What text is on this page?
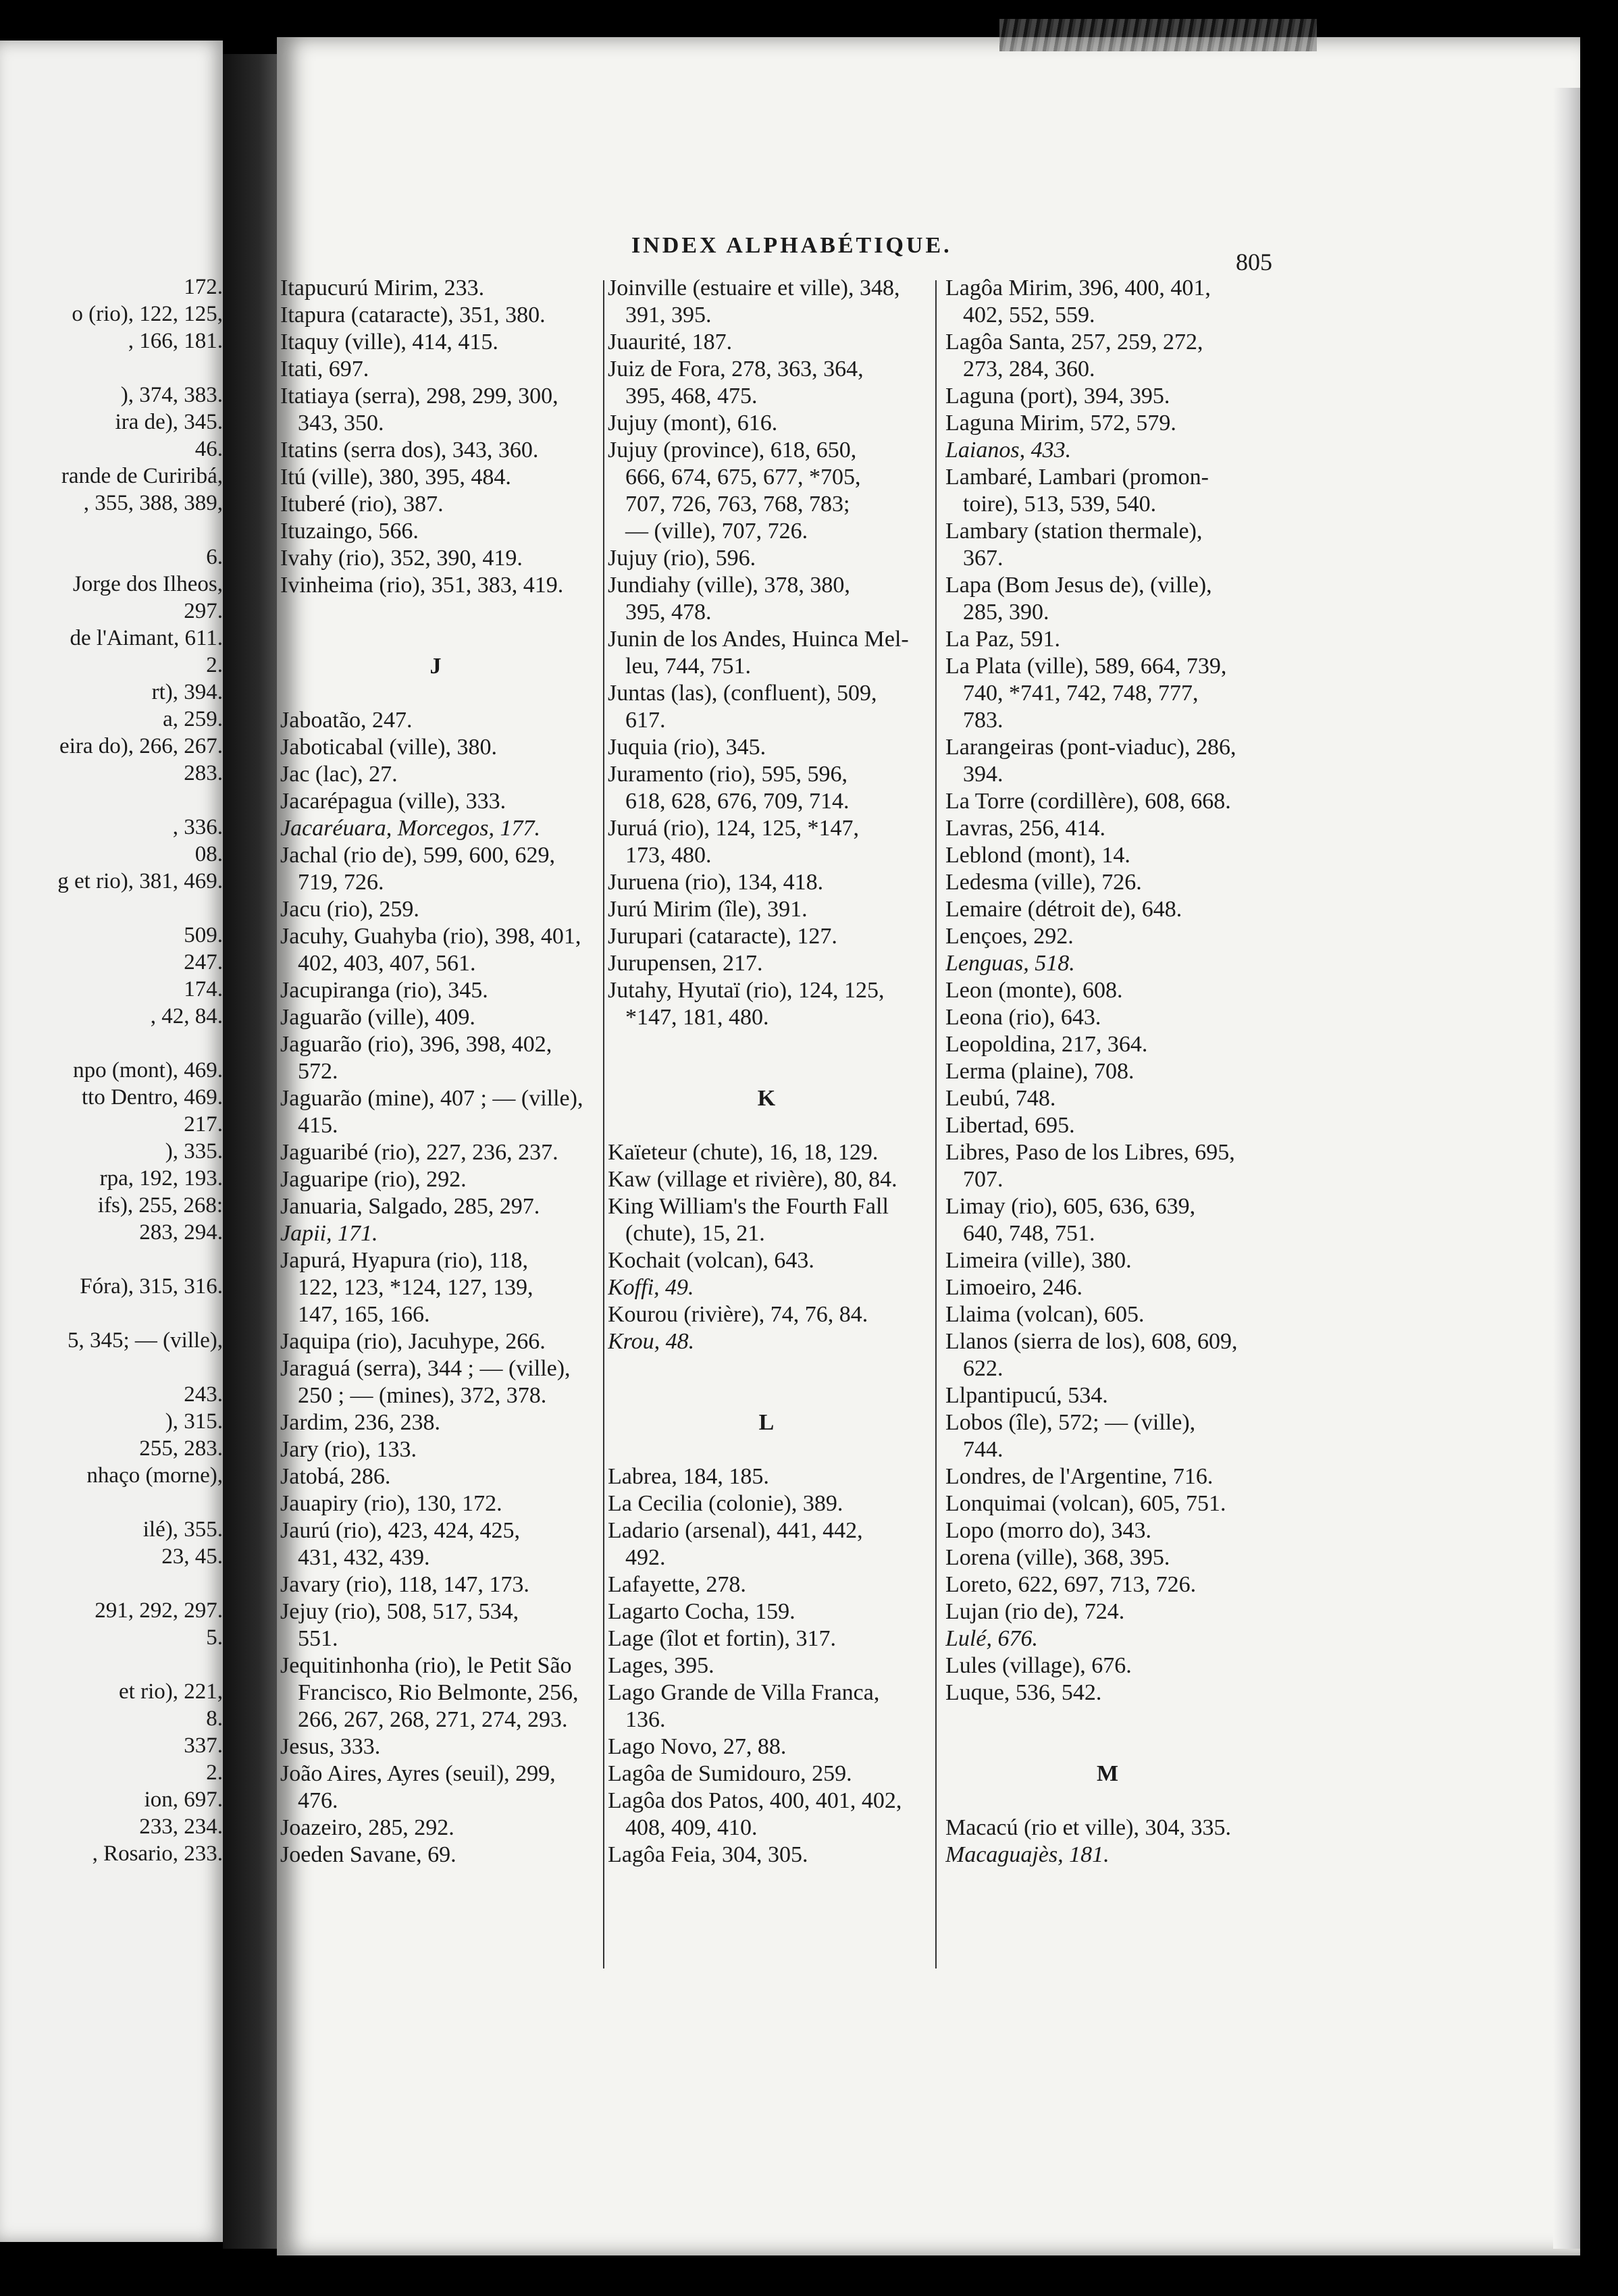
172.

o (rio), 122, 125,

, 166, 181.

), 374, 383.

ira de), 345.

46.

rande de Curiribá,

, 355, 388, 389,

6.

Jorge dos Ilheos,

297.

de l'Aimant, 611.

2.

rt), 394.

a, 259.

eira do), 266, 267.

283.

, 336.

08.

g et rio), 381, 469.

509.

247.

174.

, 42, 84.

npo (mont), 469.

tto Dentro, 469.

217.

), 335.

rpa, 192, 193.

ifs), 255, 268:

283, 294.

Fóra), 315, 316.

5, 345; — (ville),

243.

), 315.

255, 283.

nhaço (morne),

ilé), 355.

23, 45.

291, 292, 297.

5.

et rio), 221,

8.

337.

2.

ion, 697.

233, 234.

, Rosario, 233.

INDEX ALPHABÉTIQUE.
805

Itapucurú Mirim, 233.

Itapura (cataracte), 351, 380.

Itaquy (ville), 414, 415.

Itati, 697.

Itatiaya (serra), 298, 299, 300,

343, 350.

Itatins (serra dos), 343, 360.

Itú (ville), 380, 395, 484.

Ituberé (rio), 387.

Ituzaingo, 566.

Ivahy (rio), 352, 390, 419.

Ivinheima (rio), 351, 383, 419.

J

Jaboatão, 247.

Jaboticabal (ville), 380.

Jac (lac), 27.

Jacarépagua (ville), 333.

Jacaréuara, Morcegos, 177.

Jachal (rio de), 599, 600, 629,

719, 726.

Jacu (rio), 259.

Jacuhy, Guahyba (rio), 398, 401,

402, 403, 407, 561.

Jacupiranga (rio), 345.

Jaguarão (ville), 409.

Jaguarão (rio), 396, 398, 402,

572.

Jaguarão (mine), 407 ; — (ville),

415.

Jaguaribé (rio), 227, 236, 237.

Jaguaripe (rio), 292.

Januaria, Salgado, 285, 297.

Japii, 171.

Japurá, Hyapura (rio), 118,

122, 123, *124, 127, 139,

147, 165, 166.

Jaquipa (rio), Jacuhype, 266.

Jaraguá (serra), 344 ; — (ville),

250 ; — (mines), 372, 378.

Jardim, 236, 238.

Jary (rio), 133.

Jatobá, 286.

Jauapiry (rio), 130, 172.

Jaurú (rio), 423, 424, 425,

431, 432, 439.

Javary (rio), 118, 147, 173.

Jejuy (rio), 508, 517, 534,

551.

Jequitinhonha (rio), le Petit São

Francisco, Rio Belmonte, 256,

266, 267, 268, 271, 274, 293.

Jesus, 333.

João Aires, Ayres (seuil), 299,

476.

Joazeiro, 285, 292.

Joeden Savane, 69.

Joinville (estuaire et ville), 348,

391, 395.

Juaurité, 187.

Juiz de Fora, 278, 363, 364,

395, 468, 475.

Jujuy (mont), 616.

Jujuy (province), 618, 650,

666, 674, 675, 677, *705,

707, 726, 763, 768, 783;

— (ville), 707, 726.

Jujuy (rio), 596.

Jundiahy (ville), 378, 380,

395, 478.

Junin de los Andes, Huinca Mel-

leu, 744, 751.

Juntas (las), (confluent), 509,

617.

Juquia (rio), 345.

Juramento (rio), 595, 596,

618, 628, 676, 709, 714.

Juruá (rio), 124, 125, *147,

173, 480.

Juruena (rio), 134, 418.

Jurú Mirim (île), 391.

Jurupari (cataracte), 127.

Jurupensen, 217.

Jutahy, Hyutaï (rio), 124, 125,

*147, 181, 480.

K

Kaïeteur (chute), 16, 18, 129.

Kaw (village et rivière), 80, 84.

King William's the Fourth Fall

(chute), 15, 21.

Kochait (volcan), 643.

Koffi, 49.

Kourou (rivière), 74, 76, 84.

Krou, 48.

L

Labrea, 184, 185.

La Cecilia (colonie), 389.

Ladario (arsenal), 441, 442,

492.

Lafayette, 278.

Lagarto Cocha, 159.

Lage (îlot et fortin), 317.

Lages, 395.

Lago Grande de Villa Franca,

136.

Lago Novo, 27, 88.

Lagôa de Sumidouro, 259.

Lagôa dos Patos, 400, 401, 402,

408, 409, 410.

Lagôa Feia, 304, 305.

Lagôa Mirim, 396, 400, 401,

402, 552, 559.

Lagôa Santa, 257, 259, 272,

273, 284, 360.

Laguna (port), 394, 395.

Laguna Mirim, 572, 579.

Laianos, 433.

Lambaré, Lambari (promon-

toire), 513, 539, 540.

Lambary (station thermale),

367.

Lapa (Bom Jesus de), (ville),

285, 390.

La Paz, 591.

La Plata (ville), 589, 664, 739,

740, *741, 742, 748, 777,

783.

Larangeiras (pont-viaduc), 286,

394.

La Torre (cordillère), 608, 668.

Lavras, 256, 414.

Leblond (mont), 14.

Ledesma (ville), 726.

Lemaire (détroit de), 648.

Lençoes, 292.

Lenguas, 518.

Leon (monte), 608.

Leona (rio), 643.

Leopoldina, 217, 364.

Lerma (plaine), 708.

Leubú, 748.

Libertad, 695.

Libres, Paso de los Libres, 695,

707.

Limay (rio), 605, 636, 639,

640, 748, 751.

Limeira (ville), 380.

Limoeiro, 246.

Llaima (volcan), 605.

Llanos (sierra de los), 608, 609,

622.

Llpantipucú, 534.

Lobos (île), 572; — (ville),

744.

Londres, de l'Argentine, 716.

Lonquimai (volcan), 605, 751.

Lopo (morro do), 343.

Lorena (ville), 368, 395.

Loreto, 622, 697, 713, 726.

Lujan (rio de), 724.

Lulé, 676.

Lules (village), 676.

Luque, 536, 542.

M

Macacú (rio et ville), 304, 335.

Macaguajès, 181.
